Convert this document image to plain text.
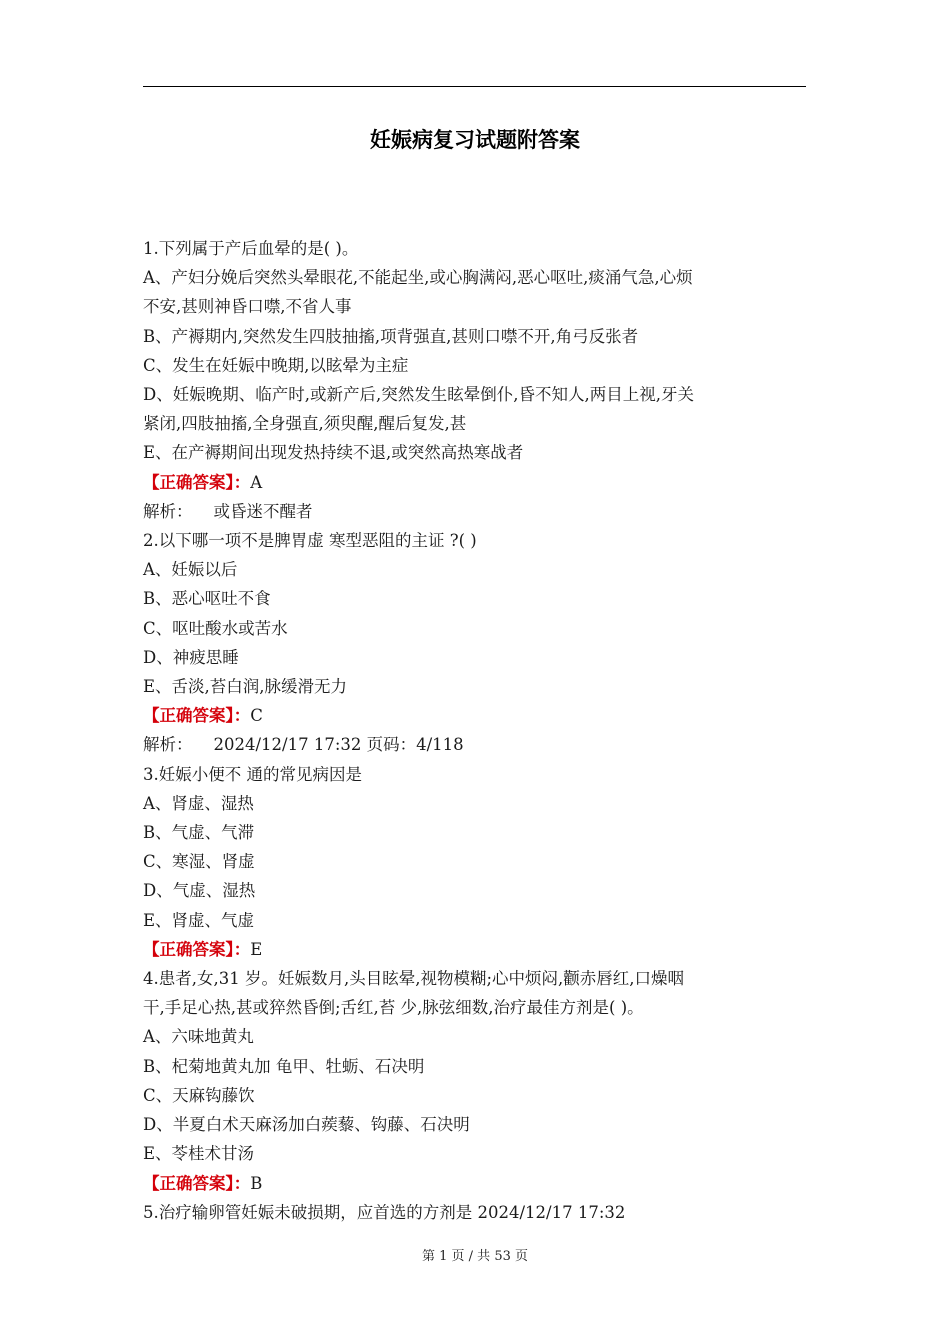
妊娠病复习试题附答案

1.下列属于产后血晕的是( )。

A、产妇分娩后突然头晕眼花,不能起坐,或心胸满闷,恶心呕吐,痰涌气急,心烦

不安,甚则神昏口噤,不省人事

B、产褥期内,突然发生四肢抽搐,项背强直,甚则口噤不开,角弓反张者

C、发生在妊娠中晚期,以眩晕为主症

D、妊娠晚期、临产时,或新产后,突然发生眩晕倒仆,昏不知人,两目上视,牙关

紧闭,四肢抽搐,全身强直,须臾醒,醒后复发,甚

E、在产褥期间出现发热持续不退,或突然高热寒战者

【正确答案】：A

解析：    或昏迷不醒者

2.以下哪一项不是脾胃虚 寒型恶阻的主证 ?( )

A、妊娠以后

B、恶心呕吐不食

C、呕吐酸水或苦水

D、神疲思睡

E、舌淡,苔白润,脉缓滑无力

【正确答案】：C

解析：    2024/12/17 17:32 页码：4/118

3.妊娠小便不 通的常见病因是

A、肾虚、湿热

B、气虚、气滞

C、寒湿、肾虚

D、气虚、湿热

E、肾虚、气虚

【正确答案】：E

4.患者,女,31 岁。妊娠数月,头目眩晕,视物模糊;心中烦闷,颧赤唇红,口燥咽

干,手足心热,甚或猝然昏倒;舌红,苔 少,脉弦细数,治疗最佳方剂是( )。

A、六味地黄丸

B、杞菊地黄丸加 龟甲、牡蛎、石决明

C、天麻钩藤饮

D、半夏白术天麻汤加白蒺藜、钩藤、石决明

E、苓桂术甘汤

【正确答案】：B

5.治疗输卵管妊娠未破损期，应首选的方剂是 2024/12/17 17:32

第 1 页 / 共 53 页
